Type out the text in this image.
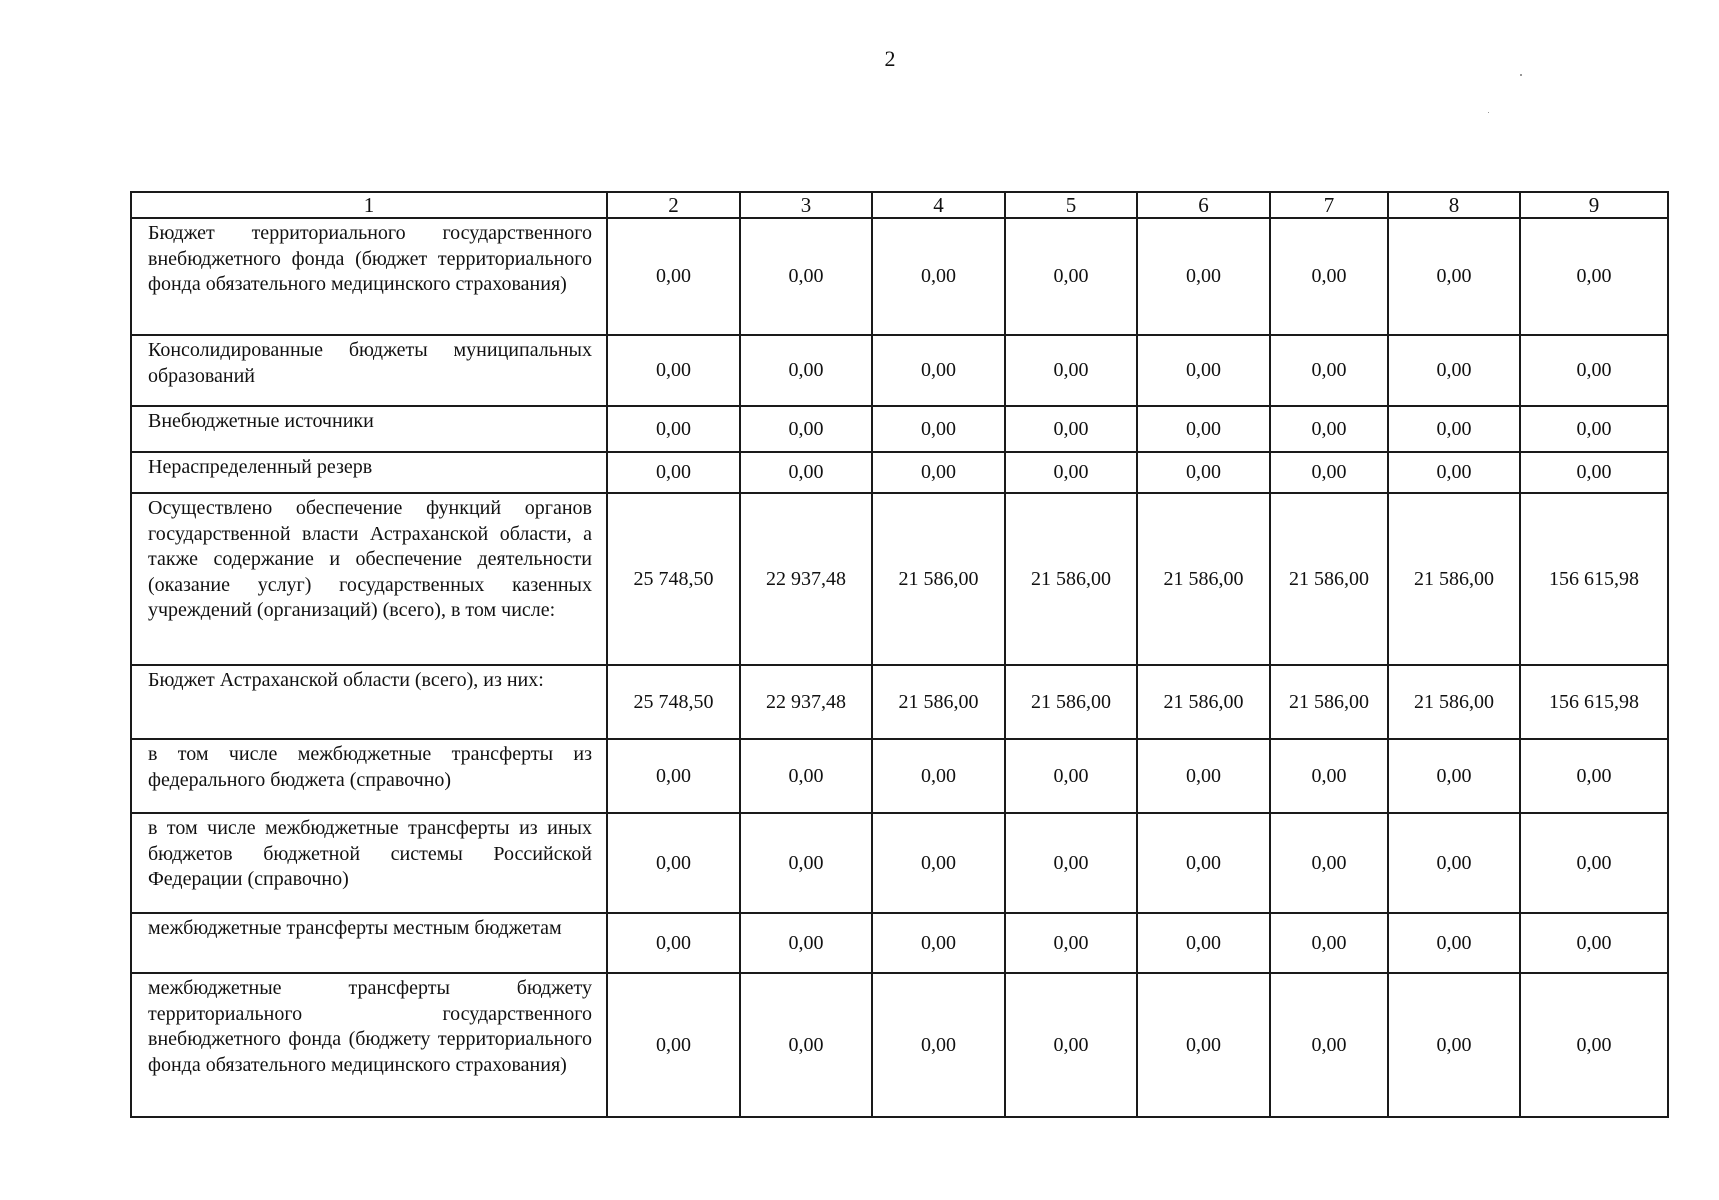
2
1	2	3	4	5	6	7	8	9
Бюджет территориального государственного внебюджетного фонда (бюджет территориального фонда обязательного медицинского страхования)	0,00	0,00	0,00	0,00	0,00	0,00	0,00	0,00
Консолидированные бюджеты муниципальных образований	0,00	0,00	0,00	0,00	0,00	0,00	0,00	0,00
Внебюджетные источники	0,00	0,00	0,00	0,00	0,00	0,00	0,00	0,00
Нераспределенный резерв	0,00	0,00	0,00	0,00	0,00	0,00	0,00	0,00
Осуществлено обеспечение функций органов государственной власти Астраханской области, а также содержание и обеспечение деятельности (оказание услуг) государственных казенных учреждений (организаций) (всего), в том числе:	25 748,50	22 937,48	21 586,00	21 586,00	21 586,00	21 586,00	21 586,00	156 615,98
Бюджет Астраханской области (всего), из них:	25 748,50	22 937,48	21 586,00	21 586,00	21 586,00	21 586,00	21 586,00	156 615,98
в том числе межбюджетные трансферты из федерального бюджета (справочно)	0,00	0,00	0,00	0,00	0,00	0,00	0,00	0,00
в том числе межбюджетные трансферты из иных бюджетов бюджетной системы Российской Федерации (справочно)	0,00	0,00	0,00	0,00	0,00	0,00	0,00	0,00
межбюджетные трансферты местным бюджетам	0,00	0,00	0,00	0,00	0,00	0,00	0,00	0,00
межбюджетные трансферты бюджету территориального государственного внебюджетного фонда (бюджету территориального фонда обязательного медицинского страхования)	0,00	0,00	0,00	0,00	0,00	0,00	0,00	0,00
